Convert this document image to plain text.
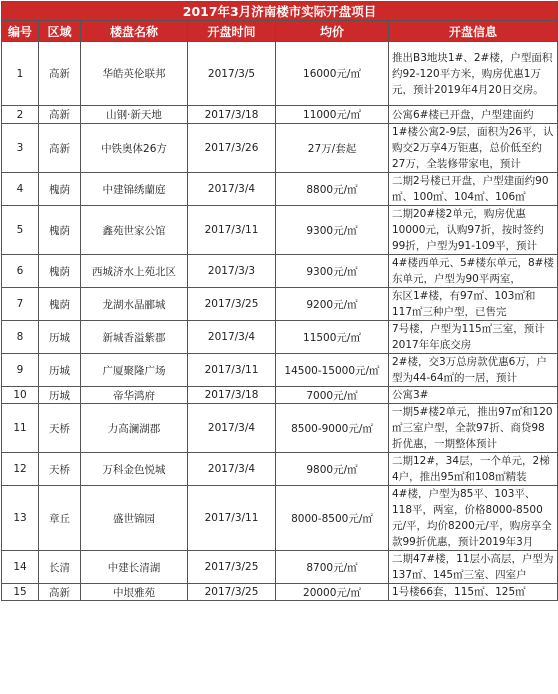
2017年3月济南楼市实际开盘项目					
编号	区域	楼盘名称	开盘时间	均价	开盘信息
1	高新	华皓英伦联邦	2017/3/5	16000元/㎡	推出B3地块1#、2#楼，户型面积约92-120平方米，购房优惠1万元，预计2019年4月20日交房。

2	高新	山钢·新天地	2017/3/18	11000元/㎡	公寓6#楼已开盘，户型建面约

3	高新	中铁奥体26方	2017/3/26	27万/套起	1#楼公寓2-9层，面积为26平，认购交2万享4万钜惠，总价低至约27万，全装修带家电，预计

4	槐荫	中建锦绣蘭庭	2017/3/4	8800元/㎡	二期2号楼已开盘，户型建面约90㎡、100㎡、104㎡、106㎡

5	槐荫	鑫苑世家公馆	2017/3/11	9300元/㎡	二期20#楼2单元，购房优惠10000元，认购97折，按时签约99折，户型为91-109平，预计

6	槐荫	西城济水上苑北区	2017/3/3	9300元/㎡	4#楼西单元、5#楼东单元，8#楼东单元，户型为90平两室，

7	槐荫	龙湖水晶郦城	2017/3/25	9200元/㎡	东区1#楼，有97㎡、103㎡和117㎡三种户型，已售完

8	历城	新城香溢紫郡	2017/3/4	11500元/㎡	7号楼，户型为115㎡三室，预计2017年年底交房

9	历城	广厦聚隆广场	2017/3/11	14500-15000元/㎡	2#楼，交3万总房款优惠6万，户型为44-64㎡的一居，预计

10	历城	帝华鸿府	2017/3/18	7000元/㎡	公寓3#

11	天桥	力高澜湖郡	2017/3/4	8500-9000元/㎡	一期5#楼2单元，推出97㎡和120㎡三室户型，全款97折、商贷98折优惠，一期整体预计

12	天桥	万科金色悦城	2017/3/4	9800元/㎡	二期12#，34层，一个单元，2梯4户，推出95㎡和108㎡精装

13	章丘	盛世锦园	2017/3/11	8000-8500元/㎡	4#楼，户型为85平、103平、118平，两室，价格8000-8500元/平，均价8200元/平，购房享全款99折优惠，预计2019年3月

14	长清	中建长清湖	2017/3/25	8700元/㎡	二期47#楼，11层小高层，户型为137㎡、145㎡三室、四室户

15	高新	中垠雅苑	2017/3/25	20000元/㎡	1号楼66套，115㎡、125㎡
